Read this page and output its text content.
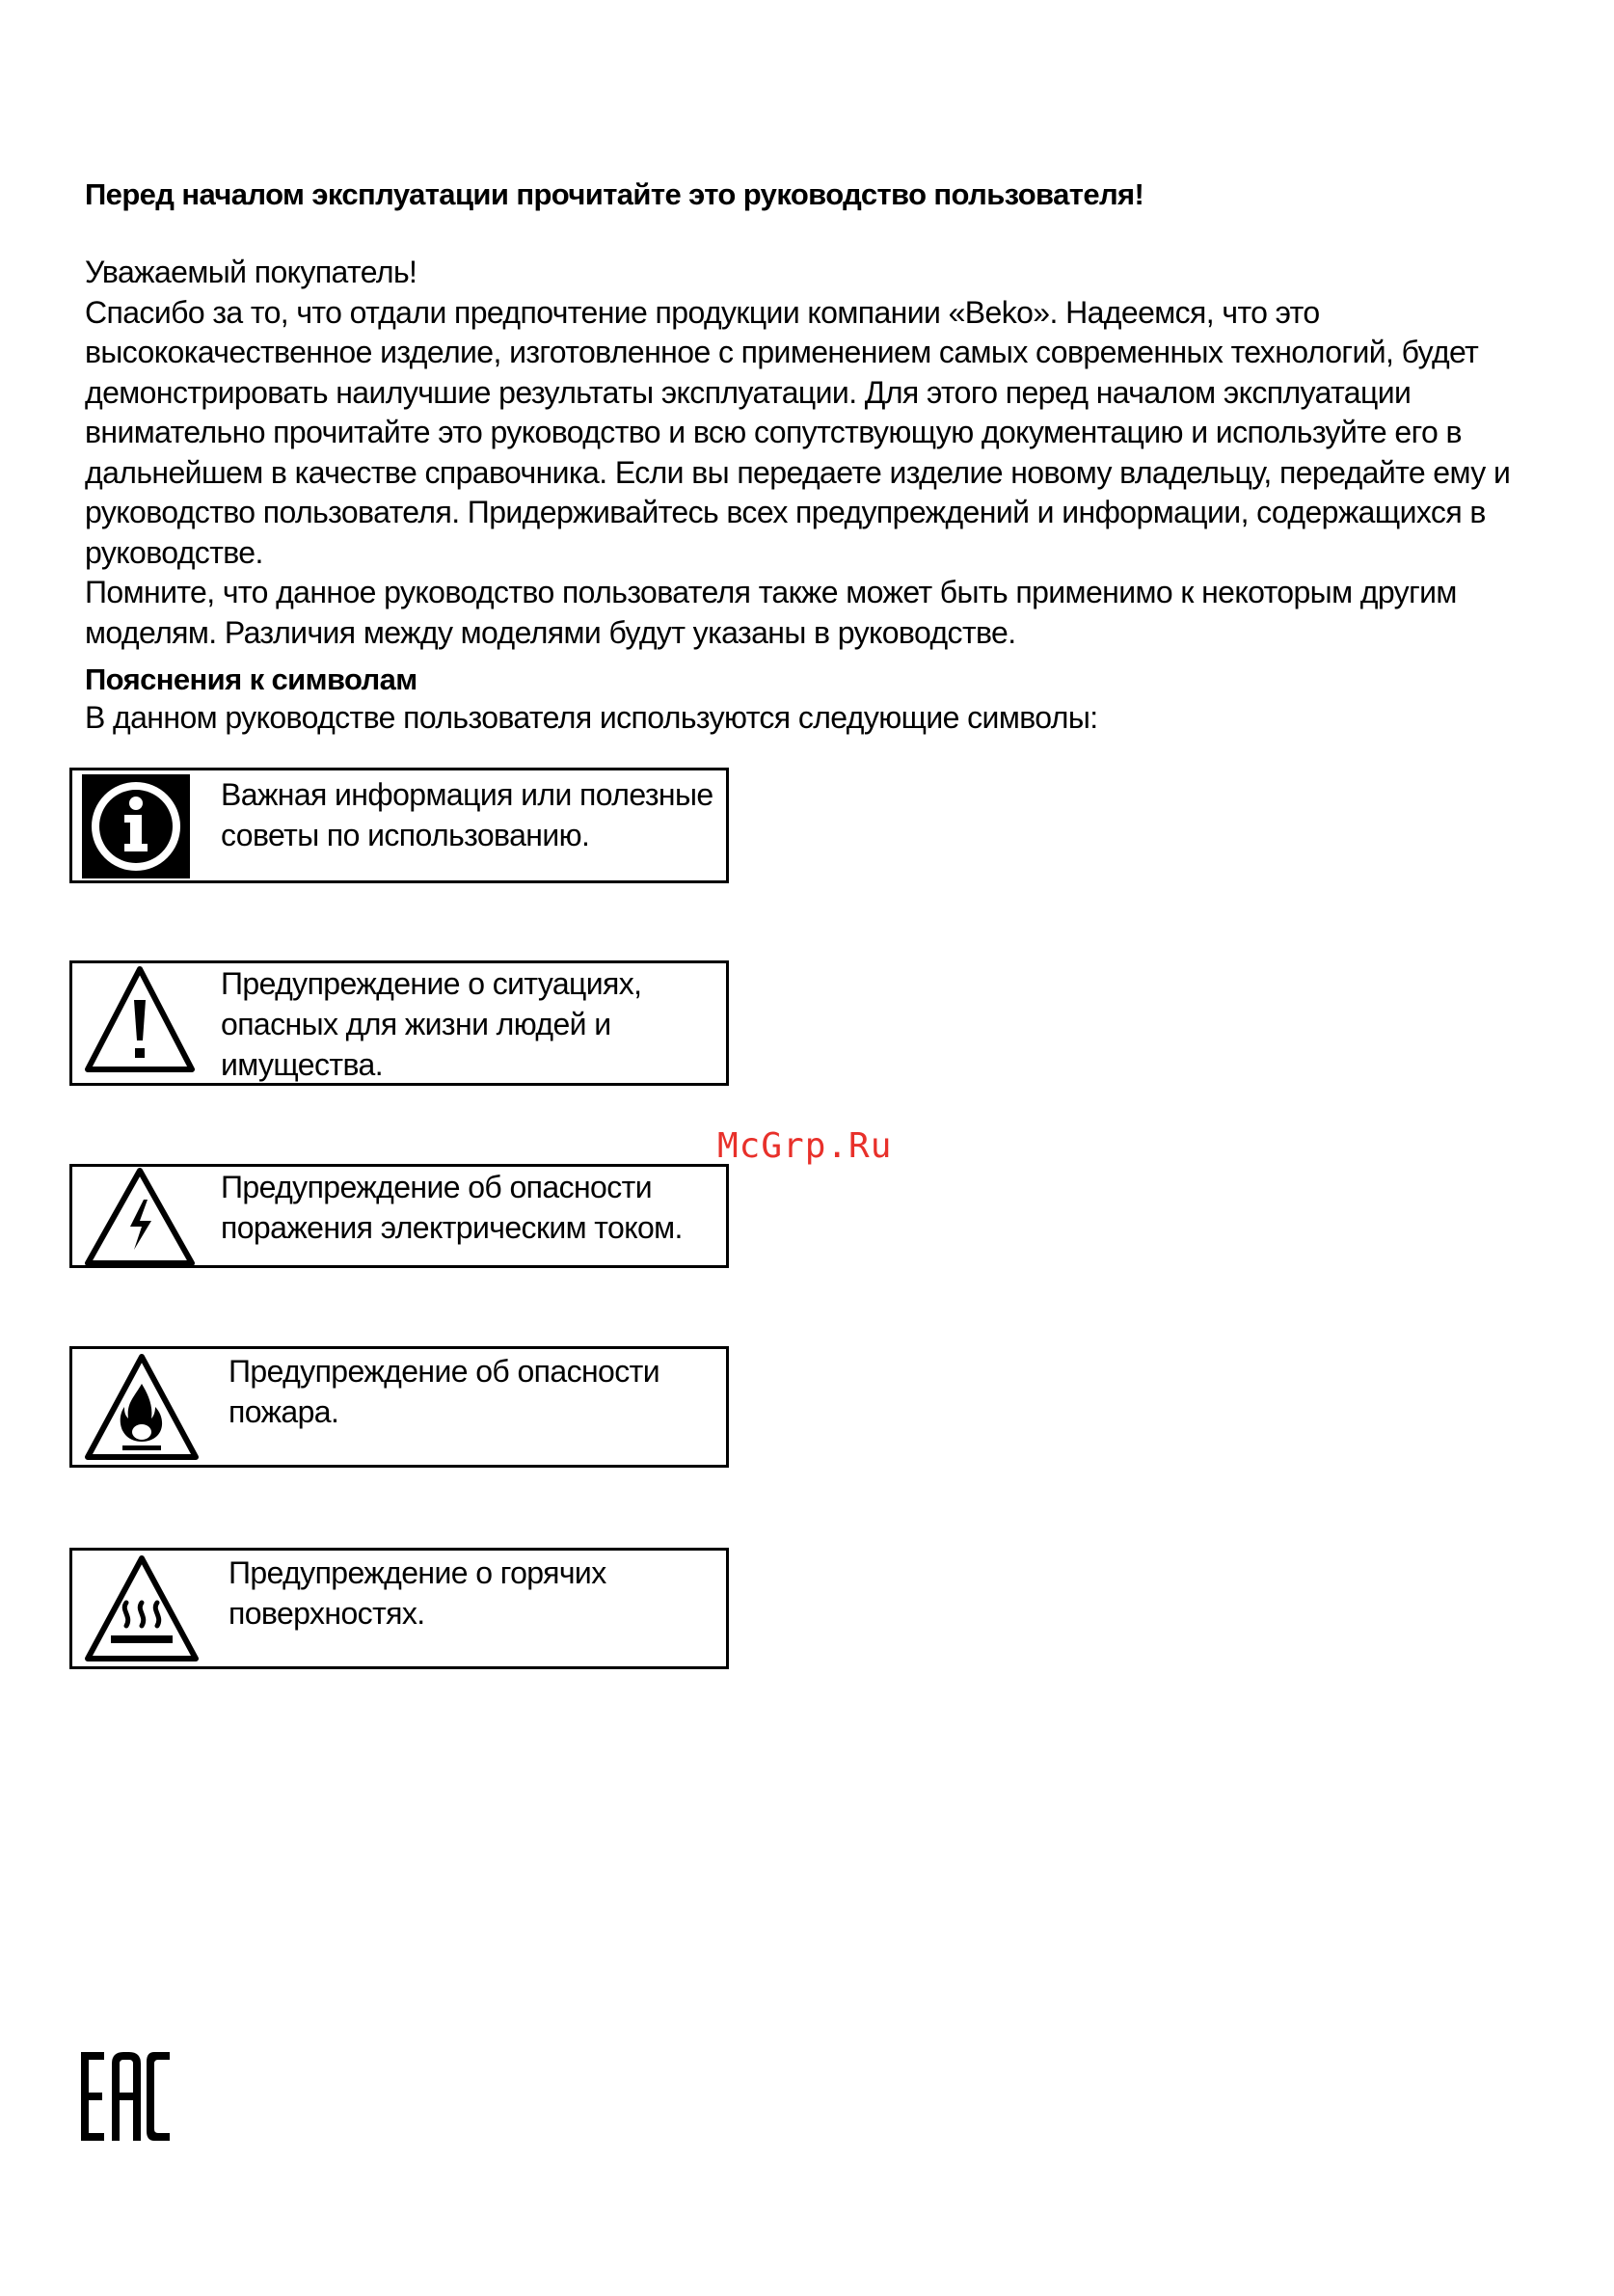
Перед началом эксплуатации прочитайте это руководство пользователя!

Уважаемый покупатель!

Спасибо за то, что отдали предпочтение продукции компании «Beko». Надеемся, что это высококачественное изделие, изготовленное с применением самых современных технологий, будет демонстрировать наилучшие результаты эксплуатации. Для этого перед началом эксплуатации внимательно прочитайте это руководство и всю сопутствующую документацию и используйте его в дальнейшем в качестве справочника. Если вы передаете изделие новому владельцу, передайте ему и руководство пользователя. Придерживайтесь всех предупреждений и информации, содержащихся в руководстве.

Помните, что данное руководство пользователя также может быть применимо к некоторым другим моделям. Различия между моделями будут указаны в руководстве.

Пояснения к символам
В данном руководстве пользователя используются следующие символы:
Важная информация или полезные
советы по использованию.
Предупреждение о ситуациях,
опасных для жизни людей и
имущества.
Предупреждение об опасности
поражения электрическим током.
Предупреждение об опасности
пожара.
Предупреждение о горячих
поверхностях.
McGrp.Ru
